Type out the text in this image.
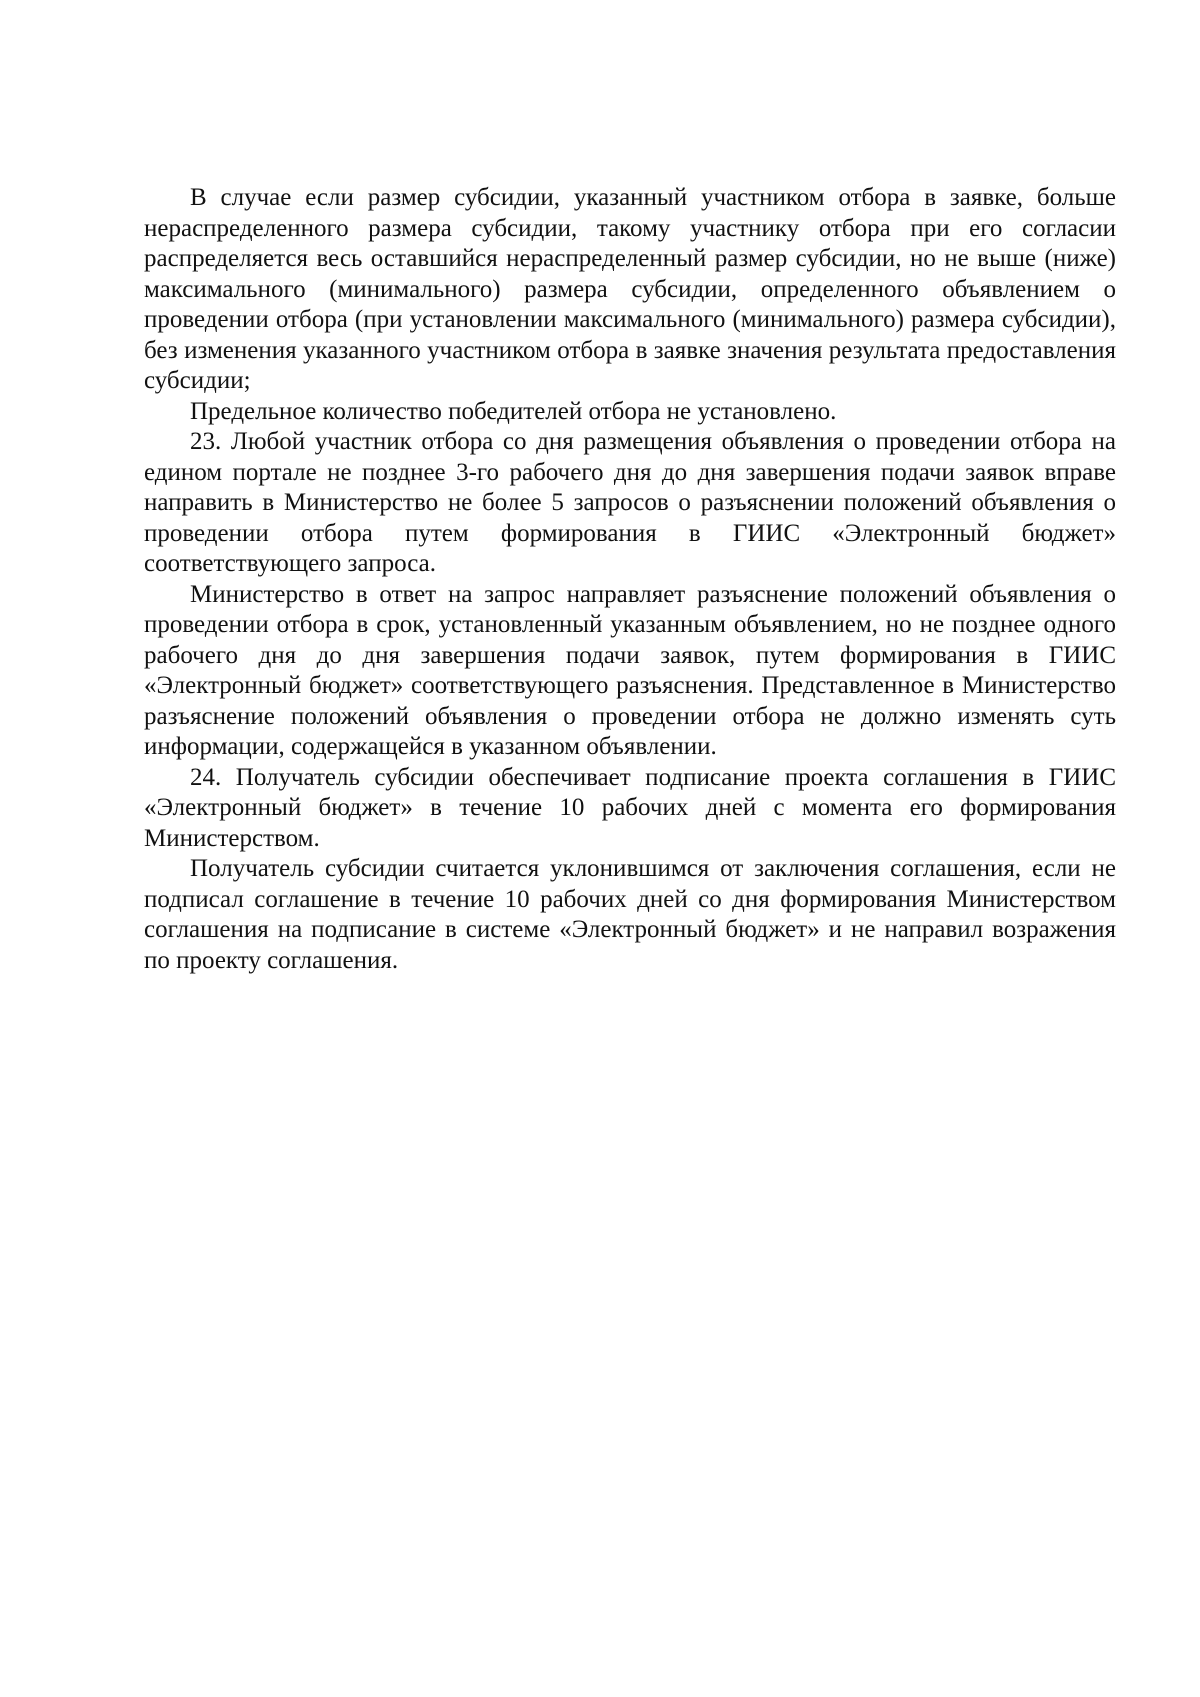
В случае если размер субсидии, указанный участником отбора в заявке, больше нераспределенного размера субсидии, такому участнику отбора при его согласии распределяется весь оставшийся нераспределенный размер субсидии, но не выше (ниже) максимального (минимального) размера субсидии, определенного объявлением о проведении отбора (при установлении максимального (минимального) размера субсидии), без изменения указанного участником отбора в заявке значения результата предоставления субсидии;

Предельное количество победителей отбора не установлено.

23. Любой участник отбора со дня размещения объявления о проведении отбора на едином портале не позднее 3-го рабочего дня до дня завершения подачи заявок вправе направить в Министерство не более 5 запросов о разъяснении положений объявления о проведении отбора путем формирования в ГИИС «Электронный бюджет» соответствующего запроса.

Министерство в ответ на запрос направляет разъяснение положений объявления о проведении отбора в срок, установленный указанным объявлением, но не позднее одного рабочего дня до дня завершения подачи заявок, путем формирования в ГИИС «Электронный бюджет» соответствующего разъяснения. Представленное в Министерство разъяснение положений объявления о проведении отбора не должно изменять суть информации, содержащейся в указанном объявлении.

24. Получатель субсидии обеспечивает подписание проекта соглашения в ГИИС «Электронный бюджет» в течение 10 рабочих дней с момента его формирования Министерством.

Получатель субсидии считается уклонившимся от заключения соглашения, если не подписал соглашение в течение 10 рабочих дней со дня формирования Министерством соглашения на подписание в системе «Электронный бюджет» и не направил возражения по проекту соглашения.
